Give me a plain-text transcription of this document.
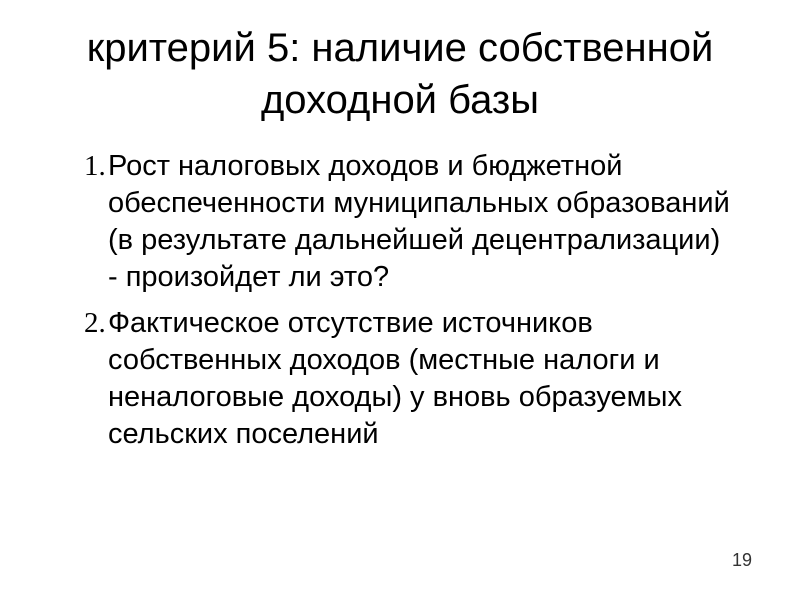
критерий 5: наличие собственной доходной базы
1. Рост налоговых доходов и бюджетной обеспеченности муниципальных образований (в результате дальнейшей децентрализации) - произойдет ли это?
2. Фактическое отсутствие источников собственных доходов (местные налоги и неналоговые доходы) у вновь образуемых сельских поселений
19
